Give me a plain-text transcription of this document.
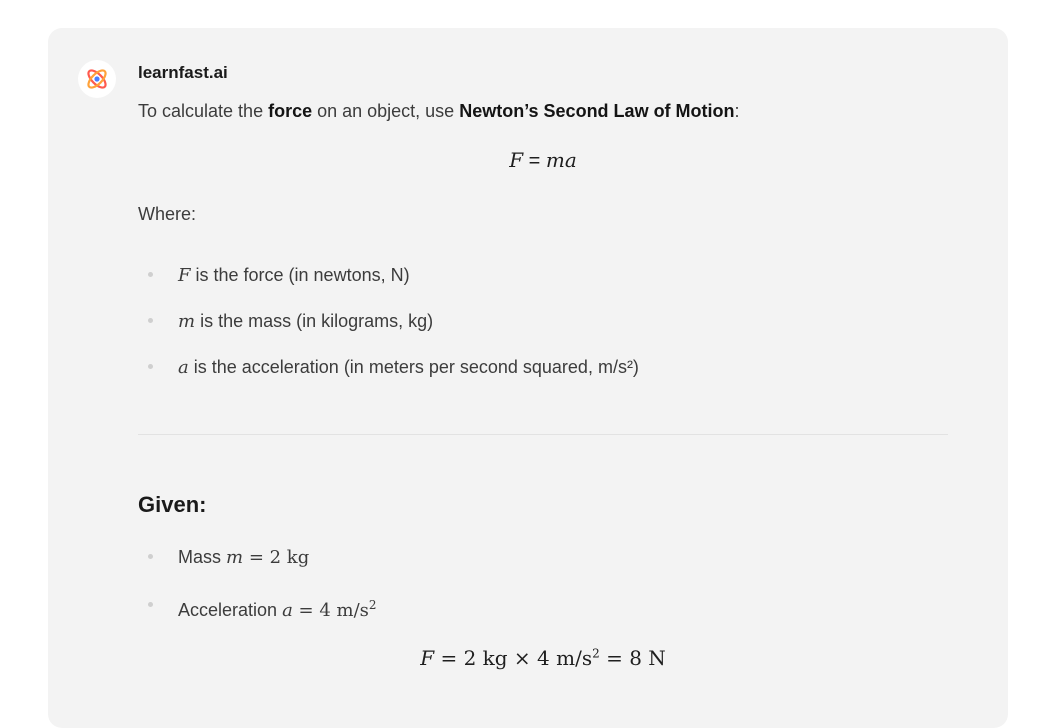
learnfast.ai
To calculate the force on an object, use Newton’s Second Law of Motion:
F = ma
Where:
F is the force (in newtons, N)
m is the mass (in kilograms, kg)
a is the acceleration (in meters per second squared, m/s²)
Given:
Mass m = 2 kg
Acceleration a = 4 $m/s^2$
F = 2 kg × 4 $m/s^2 = 8$ N
